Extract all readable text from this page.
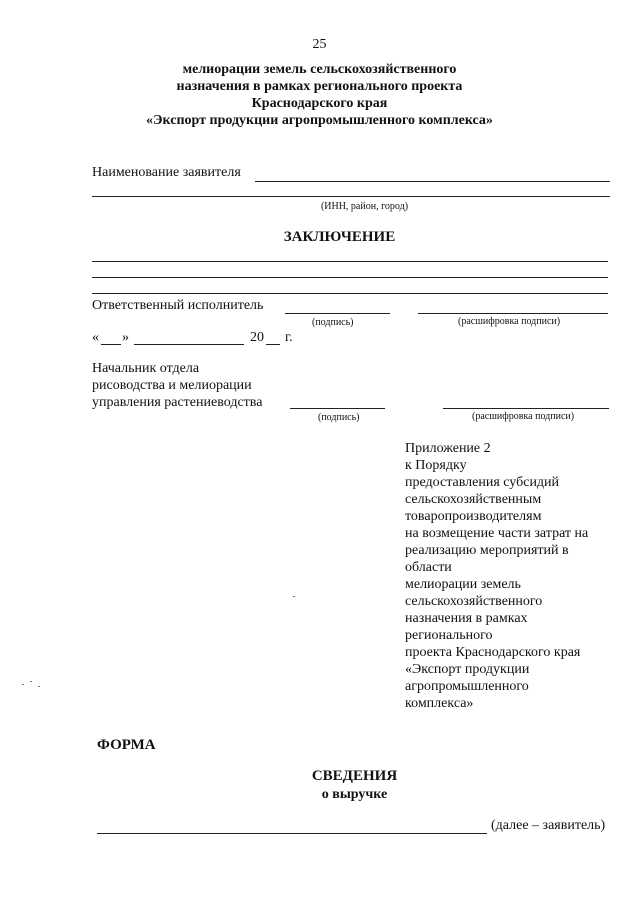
25
мелиорации земель сельскохозяйственного
назначения в рамках регионального проекта
Краснодарского края
«Экспорт продукции агропромышленного комплекса»
Наименование заявителя
(ИНН, район, город)
ЗАКЛЮЧЕНИЕ
Ответственный исполнитель
(подпись)	(расшифровка подписи)
« »	20 г.
Начальник отдела
рисоводства и мелиорации
управления растениеводства
(подпись)	(расшифровка подписи)
Приложение 2
к Порядку
предоставления субсидий
сельскохозяйственным
товаропроизводителям
на возмещение части затрат на
реализацию мероприятий в
области
мелиорации земель
сельскохозяйственного
назначения в рамках
регионального
проекта Краснодарского края
«Экспорт продукции
агропромышленного
комплекса»
ФОРМА
СВЕДЕНИЯ
о выручке
(далее – заявитель)
